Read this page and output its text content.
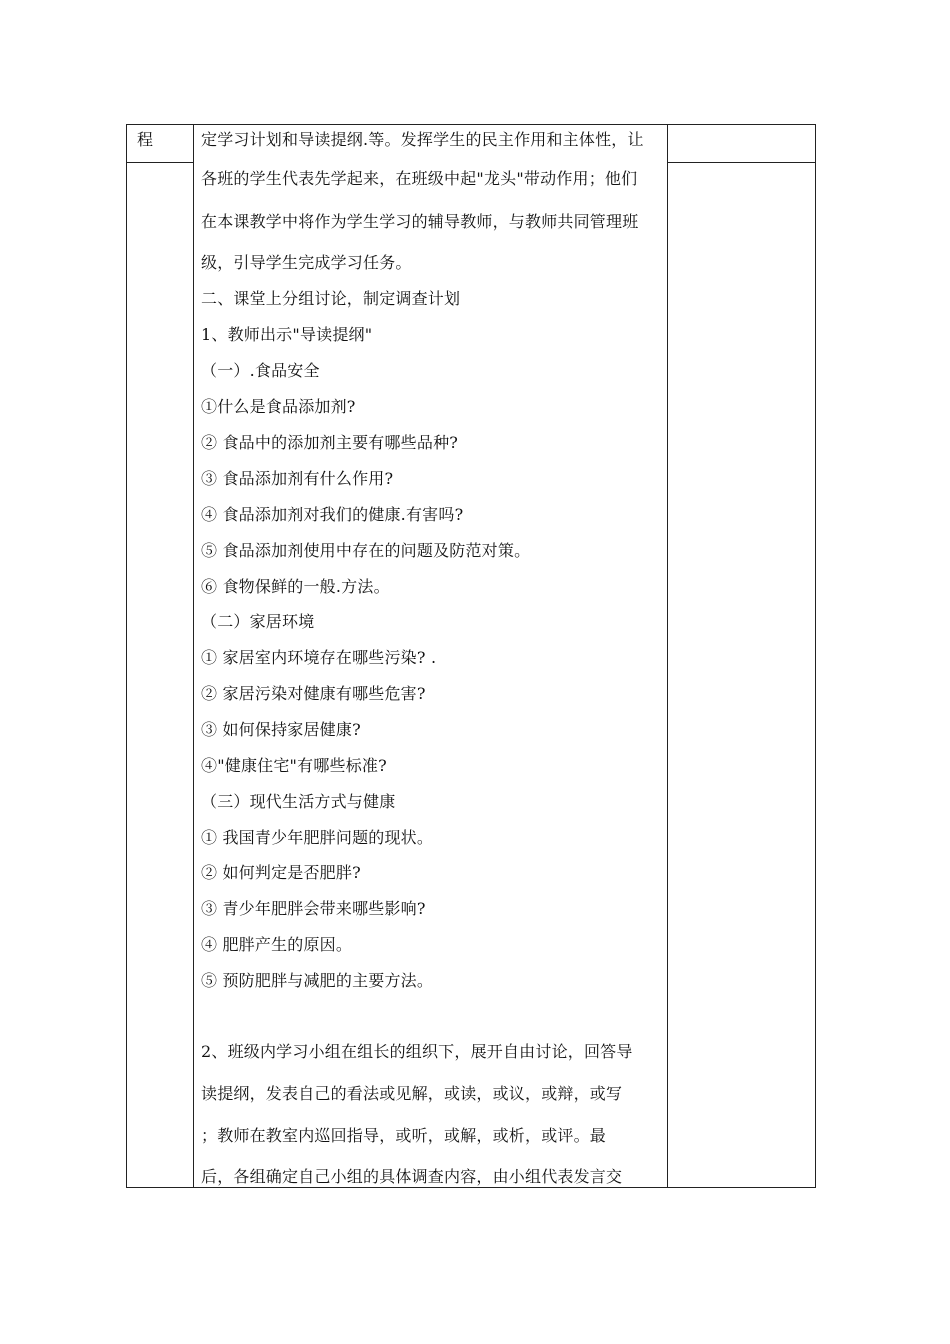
程	定学习计划和导读提纲.等。发挥学生的民主作用和主体性，让
各班的学生代表先学起来，在班级中起"龙头"带动作用；他们
在本课教学中将作为学生学习的辅导教师，与教师共同管理班
级，引导学生完成学习任务。
二、课堂上分组讨论，制定调查计划
1、教师出示"导读提纲"
（一）.食品安全
①什么是食品添加剂?
② 食品中的添加剂主要有哪些品种?
③ 食品添加剂有什么作用?
④ 食品添加剂对我们的健康.有害吗?
⑤ 食品添加剂使用中存在的问题及防范对策。
⑥ 食物保鲜的一般.方法。
（二）家居环境
① 家居室内环境存在哪些污染? .
② 家居污染对健康有哪些危害?
③ 如何保持家居健康?
④"健康住宅"有哪些标准?
（三）现代生活方式与健康
① 我国青少年肥胖问题的现状。
② 如何判定是否肥胖?
③ 青少年肥胖会带来哪些影响?
④ 肥胖产生的原因。
⑤ 预防肥胖与减肥的主要方法。
2、班级内学习小组在组长的组织下，展开自由讨论，回答导
读提纲，发表自己的看法或见解，或读，或议，或辩，或写
；教师在教室内巡回指导，或听，或解，或析，或评。最
后，各组确定自己小组的具体调查内容，由小组代表发言交
